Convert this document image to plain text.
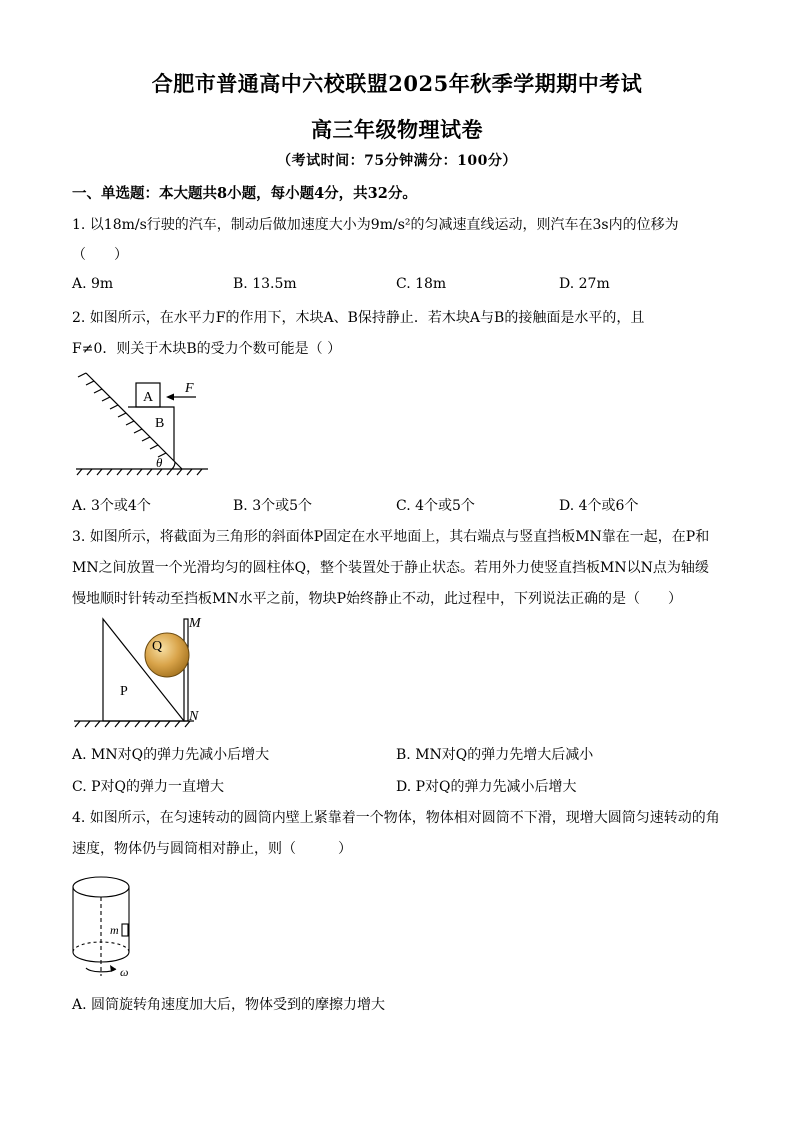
合肥市普通高中六校联盟2025年秋季学期期中考试
高三年级物理试卷
（考试时间：75分钟满分：100分）
一、单选题：本大题共8小题，每小题4分，共32分。
1. 以18m/s行驶的汽车，制动后做加速度大小为9m/s²的匀减速直线运动，则汽车在3s内的位移为
（　　）
A. 9m	B. 13.5m	C. 18m	D. 27m
2. 如图所示，在水平力F的作用下，木块A、B保持静止．若木块A与B的接触面是水平的，且
F≠0．则关于木块B的受力个数可能是（ ）
A
B
F
θ
A. 3个或4个	B. 3个或5个	C. 4个或5个	D. 4个或6个
3. 如图所示，将截面为三角形的斜面体P固定在水平地面上，其右端点与竖直挡板MN靠在一起，在P和
MN之间放置一个光滑均匀的圆柱体Q，整个装置处于静止状态。若用外力使竖直挡板MN以N点为轴缓
慢地顺时针转动至挡板MN水平之前，物块P始终静止不动，此过程中，下列说法正确的是（　　）
Q
P
M
N
A. MN对Q的弹力先减小后增大	B. MN对Q的弹力先增大后减小
C. P对Q的弹力一直增大	D. P对Q的弹力先减小后增大
4. 如图所示，在匀速转动的圆筒内壁上紧靠着一个物体，物体相对圆筒不下滑，现增大圆筒匀速转动的角
速度，物体仍与圆筒相对静止，则（　　　）
m
ω
A. 圆筒旋转角速度加大后，物体受到的摩擦力增大
